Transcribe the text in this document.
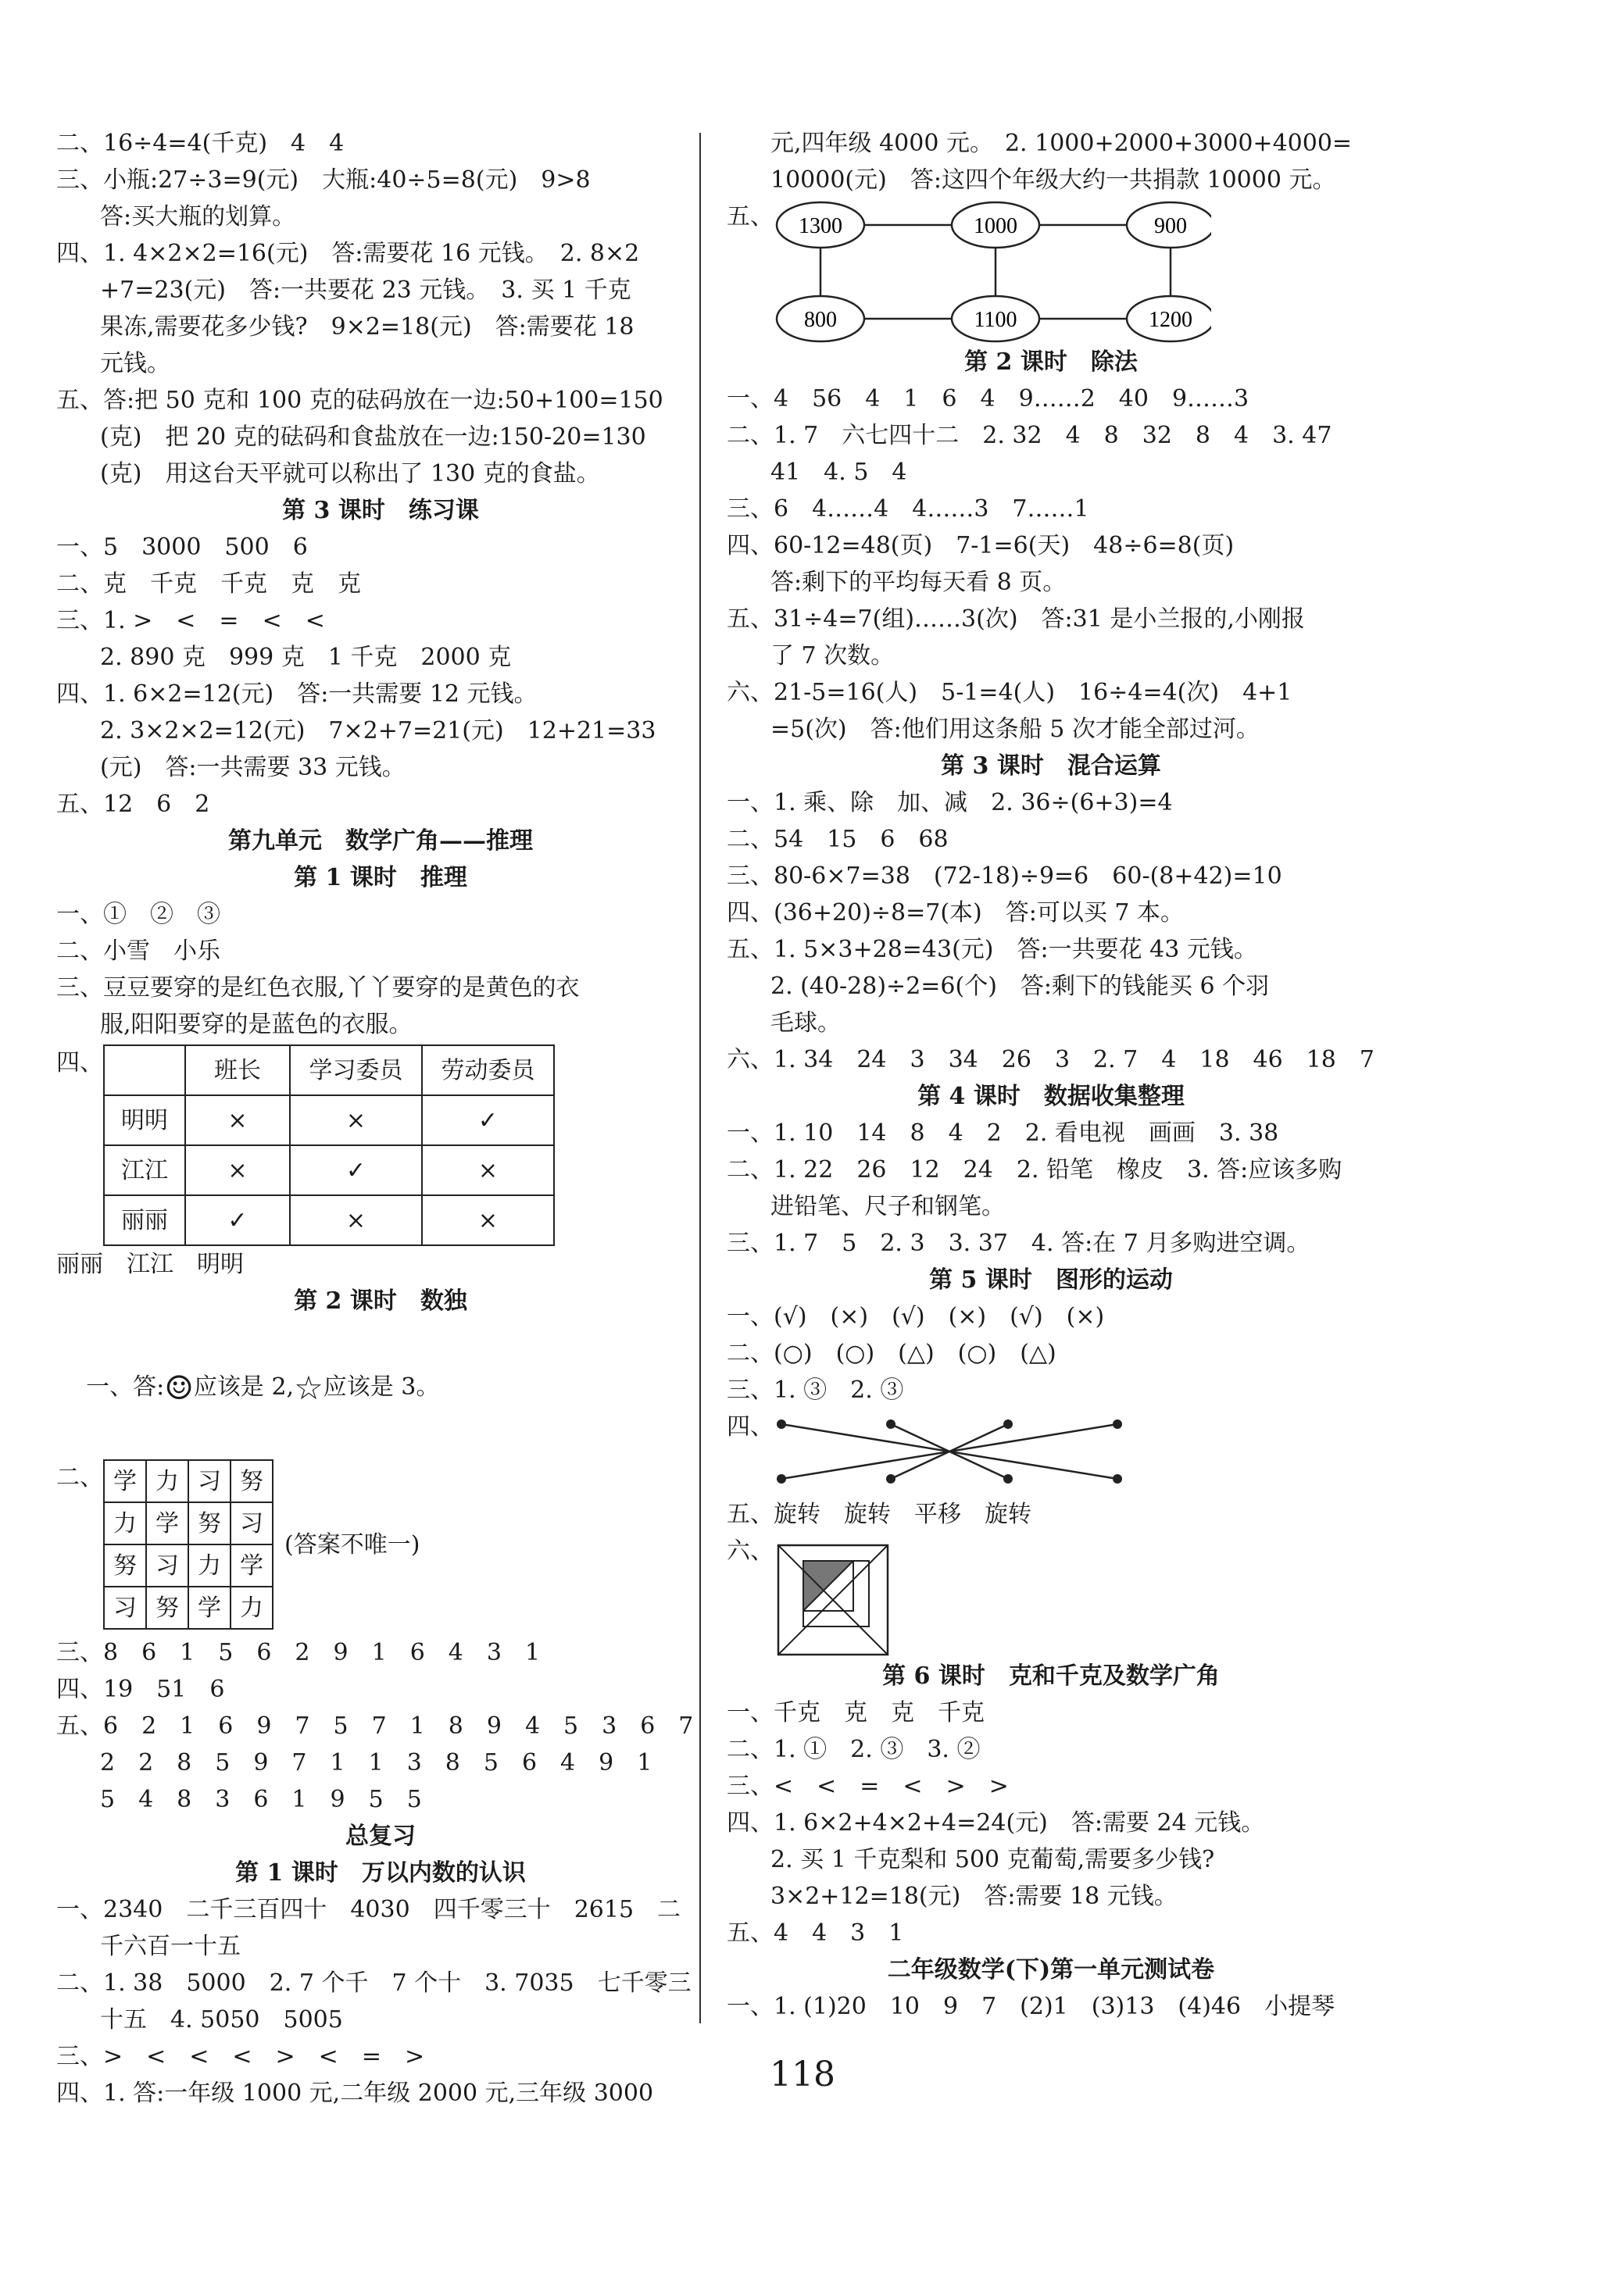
二、16÷4=4(千克)　4　4
三、小瓶:27÷3=9(元)　大瓶:40÷5=8(元)　9>8
答:买大瓶的划算。
四、1. 4×2×2=16(元)　答:需要花 16 元钱。　2. 8×2
+7=23(元)　答:一共要花 23 元钱。　3. 买 1 千克
果冻,需要花多少钱?　9×2=18(元)　答:需要花 18
元钱。
五、答:把 50 克和 100 克的砝码放在一边:50+100=150
(克)　把 20 克的砝码和食盐放在一边:150-20=130
(克)　用这台天平就可以称出了 130 克的食盐。
第 3 课时　练习课
一、5　3000　500　6
二、克　千克　千克　克　克
三、1. >　<　=　<　<
2. 890 克　999 克　1 千克　2000 克
四、1. 6×2=12(元)　答:一共需要 12 元钱。
2. 3×2×2=12(元)　7×2+7=21(元)　12+21=33
(元)　答:一共需要 33 元钱。
五、12　6　2
第九单元　数学广角——推理
第 1 课时　推理
一、①　②　③
二、小雪　小乐
三、豆豆要穿的是红色衣服,丫丫要穿的是黄色的衣
服,阳阳要穿的是蓝色的衣服。
四、
		班长	学习委员	劳动委员
明明	×	×	✓
江江	×	✓	×
丽丽	✓	×	×
丽丽　江江　明明
第 2 课时　数独

一、答:☺应该是 2,☆应该是 3。

二、 学	力	习	努
力	学	努	习
努	习	力	学
习	努	学	力
(答案不唯一)
三、8　6　1　5　6　2　9　1　6　4　3　1
四、19　51　6
五、6　2　1　6　9　7　5　7　1　8　9　4　5　3　6　7
2　2　8　5　9　7　1　1　3　8　5　6　4　9　1
5　4　8　3　6　1　9　5　5
总复习
第 1 课时　万以内数的认识
一、2340　二千三百四十　4030　四千零三十　2615　二
千六百一十五
二、1. 38　5000　2. 7 个千　7 个十　3. 7035　七千零三
十五　4. 5050　5005
三、>　<　<　<　>　<　=　>
四、1. 答:一年级 1000 元,二年级 2000 元,三年级 3000
元,四年级 4000 元。　2. 1000+2000+3000+4000=
10000(元)　答:这四个年级大约一共捐款 10000 元。
五、 1300	1000	900
800	1100	1200
第 2 课时　除法
一、4　56　4　1　6　4　9……2　40　9……3
二、1. 7　六七四十二　2. 32　4　8　32　8　4　3. 47
41　4. 5　4
三、6　4……4　4……3　7……1
四、60-12=48(页)　7-1=6(天)　48÷6=8(页)
答:剩下的平均每天看 8 页。
五、31÷4=7(组)……3(次)　答:31 是小兰报的,小刚报
了 7 次数。
六、21-5=16(人)　5-1=4(人)　16÷4=4(次)　4+1
=5(次)　答:他们用这条船 5 次才能全部过河。
第 3 课时　混合运算
一、1. 乘、除　加、减　2. 36÷(6+3)=4
二、54　15　6　68
三、80-6×7=38　(72-18)÷9=6　60-(8+42)=10
四、(36+20)÷8=7(本)　答:可以买 7 本。
五、1. 5×3+28=43(元)　答:一共要花 43 元钱。
2. (40-28)÷2=6(个)　答:剩下的钱能买 6 个羽
毛球。
六、1. 34　24　3　34　26　3　2. 7　4　18　46　18　7
第 4 课时　数据收集整理
一、1. 10　14　8　4　2　2. 看电视　画画　3. 38
二、1. 22　26　12　24　2. 铅笔　橡皮　3. 答:应该多购
进铅笔、尺子和钢笔。
三、1. 7　5　2. 3　3. 37　4. 答:在 7 月多购进空调。
第 5 课时　图形的运动
一、(√)　(×)　(√)　(×)　(√)　(×)
二、(○)　(○)　(△)　(○)　(△)
三、1. ③　2. ③
四、
五、旋转　旋转　平移　旋转
六、
第 6 课时　克和千克及数学广角
一、千克　克　克　千克
二、1. ①　2. ③　3. ②
三、<　<　=　<　>　>
四、1. 6×2+4×2+4=24(元)　答:需要 24 元钱。
2. 买 1 千克梨和 500 克葡萄,需要多少钱?
3×2+12=18(元)　答:需要 18 元钱。
五、4　4　3　1
二年级数学(下)第一单元测试卷
一、1. (1)20　10　9　7　(2)1　(3)13　(4)46　小提琴
118
